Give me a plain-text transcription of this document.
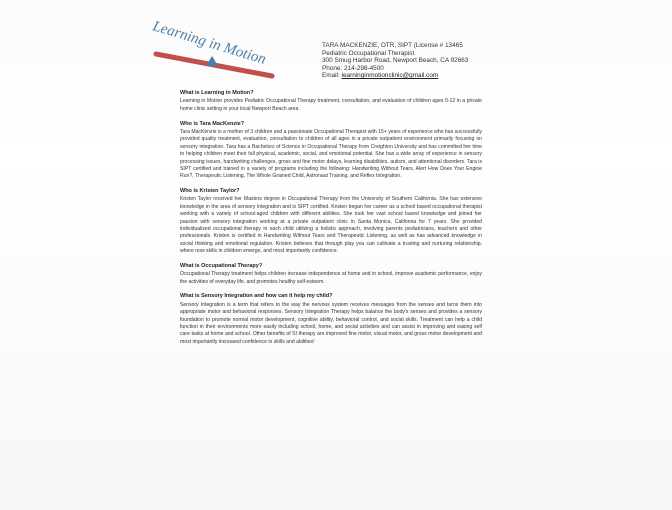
Learning in Motion
TARA MACKENZIE, OTR, SIPT (License # 13465
Pediatric Occupational Therapist
300 Smug Harbor Road, Newport Beach, CA 92663
Phone: 214-298-4500
Email: learninginmotionclinic@gmail.com
What is Learning in Motion?

Learning in Motion provides Pediatric Occupational Therapy treatment, consultation, and evaluation of children ages 0-12 in a private home clinic setting in your local Newport Beach area.

Who is Tara MacKenzie?

Tara MacKenzie is a mother of 3 children and a passionate Occupational Therapist with 15+ years of experience who has successfully provided quality treatment, evaluation, consultation to children of all ages in a private outpatient environment primarily focusing on sensory integration. Tara has a Bachelors of Science in Occupational Therapy from Creighton University and has committed her time to helping children meet their full physical, academic, social, and emotional potential. She has a wide array of experience in sensory processing issues, handwriting challenges, gross and fine motor delays, learning disabilities, autism, and attentional disorders. Tara is SIPT certified and trained in a variety of programs including the following: Handwriting Without Tears, Alert How Does Your Engine Run?, Therapeutic Listening, The Whole Grained Child, Astronaut Training, and Reflex Integration.

Who is Kristen Taylor?

Kristen Taylor received her Masters degree in Occupational Therapy from the University of Southern California. She has extensive knowledge in the area of sensory integration and is SIPT certified. Kristen began her career as a school based occupational therapist working with a variety of school-aged children with different abilities. She took her vast school based knowledge and joined her passion with sensory integration working at a private outpatient clinic in Santa Monica, California for 7 years. She provided individualized occupational therapy in each child utilizing a holistic approach, involving parents pediatricians, teachers and other professionals. Kristen is certified in Handwriting Without Tears and Therapeutic Listening, as well as has advanced knowledge in social thinking and emotional regulation. Kristen believes that through play you can cultivate a trusting and nurturing relationship, where now skills in children emerge, and most importantly confidence.

What is Occupational Therapy?

Occupational Therapy treatment helps children increase independence at home and in school, improve academic performance, enjoy the activities of everyday life, and promotes healthy self-esteem.

What is Sensory Integration and how can it help my child?

Sensory Integration is a term that refers to the way the nervous system receives messages from the senses and turns them into appropriate motor and behavioral responses. Sensory Integration Therapy helps balance the body's senses and provides a sensory foundation to promote normal motor development, cognitive ability, behavioral control, and social skills. Treatment can help a child function in their environments more easily including school, home, and social activities and can assist in improving and easing self care tasks at home and school. Other benefits of SI therapy are improved fine motor, visual motor, and gross motor development and most importantly increased confidence in skills and abilities!
